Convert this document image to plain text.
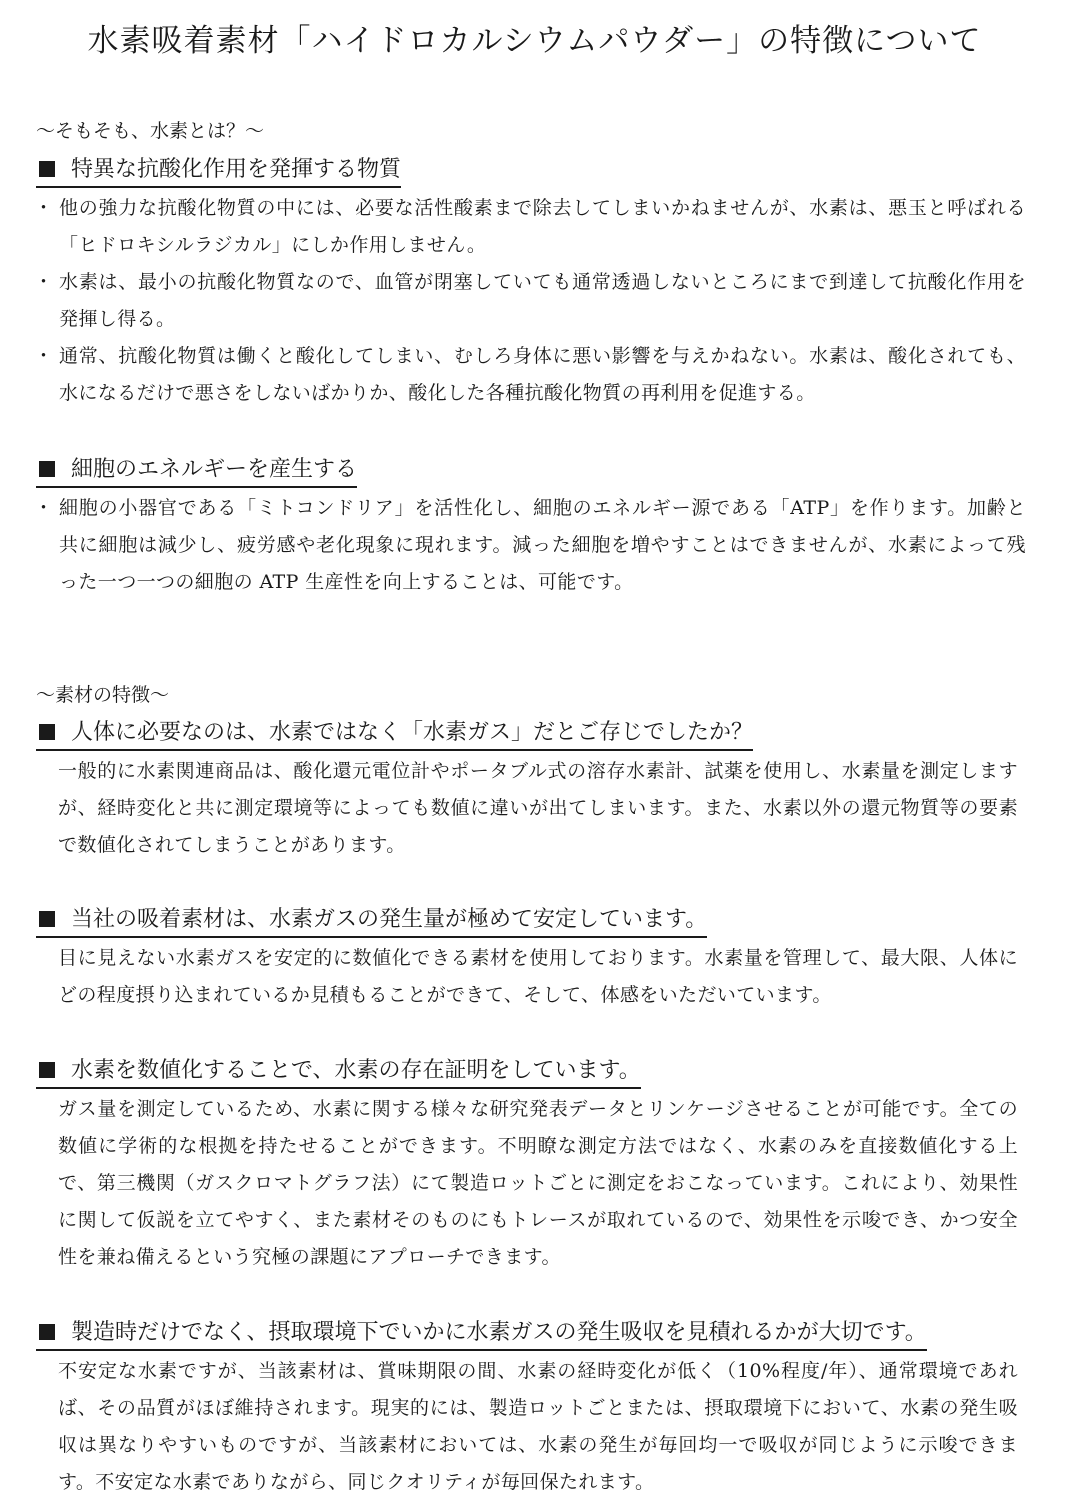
水素吸着素材「ハイドロカルシウムパウダー」の特徴について
～そもそも、水素とは？～
特異な抗酸化作用を発揮する物質
・ 他の強力な抗酸化物質の中には、必要な活性酸素まで除去してしまいかねませんが、水素は、悪玉と呼ばれる「ヒドロキシルラジカル」にしか作用しません。
・ 水素は、最小の抗酸化物質なので、血管が閉塞していても通常透過しないところにまで到達して抗酸化作用を発揮し得る。
・ 通常、抗酸化物質は働くと酸化してしまい、むしろ身体に悪い影響を与えかねない。水素は、酸化されても、水になるだけで悪さをしないばかりか、酸化した各種抗酸化物質の再利用を促進する。
細胞のエネルギーを産生する
・ 細胞の小器官である「ミトコンドリア」を活性化し、細胞のエネルギー源である「ATP」を作ります。加齢と共に細胞は減少し、疲労感や老化現象に現れます。減った細胞を増やすことはできませんが、水素によって残った一つ一つの細胞の ATP 生産性を向上することは、可能です。
～素材の特徴～
人体に必要なのは、水素ではなく「水素ガス」だとご存じでしたか？

一般的に水素関連商品は、酸化還元電位計やポータブル式の溶存水素計、試薬を使用し、水素量を測定しますが、経時変化と共に測定環境等によっても数値に違いが出てしまいます。また、水素以外の還元物質等の要素で数値化されてしまうことがあります。

当社の吸着素材は、水素ガスの発生量が極めて安定しています。

目に見えない水素ガスを安定的に数値化できる素材を使用しております。水素量を管理して、最大限、人体にどの程度摂り込まれているか見積もることができて、そして、体感をいただいています。

水素を数値化することで、水素の存在証明をしています。

ガス量を測定しているため、水素に関する様々な研究発表データとリンケージさせることが可能です。全ての数値に学術的な根拠を持たせることができます。不明瞭な測定方法ではなく、水素のみを直接数値化する上で、第三機関（ガスクロマトグラフ法）にて製造ロットごとに測定をおこなっています。これにより、効果性に関して仮説を立てやすく、また素材そのものにもトレースが取れているので、効果性を示唆でき、かつ安全性を兼ね備えるという究極の課題にアプローチできます。

製造時だけでなく、摂取環境下でいかに水素ガスの発生吸収を見積れるかが大切です。

不安定な水素ですが、当該素材は、賞味期限の間、水素の経時変化が低く（10%程度/年）、通常環境であれば、その品質がほぼ維持されます。現実的には、製造ロットごとまたは、摂取環境下において、水素の発生吸収は異なりやすいものですが、当該素材においては、水素の発生が毎回均一で吸収が同じように示唆できます。不安定な水素でありながら、同じクオリティが毎回保たれます。
